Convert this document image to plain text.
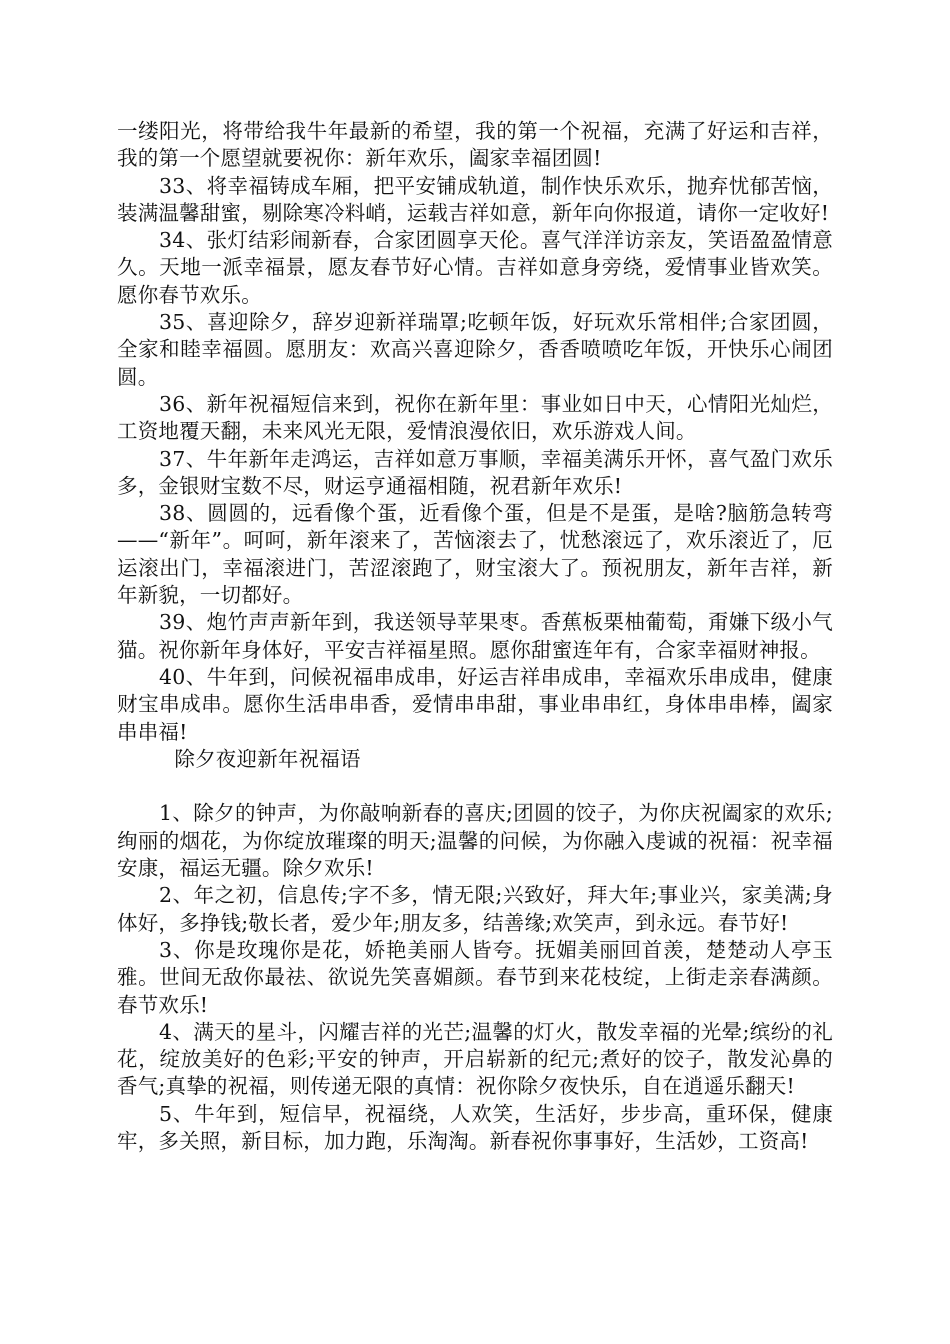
一缕阳光，将带给我牛年最新的希望，我的第一个祝福，充满了好运和吉祥，我的第一个愿望就要祝你：新年欢乐，阖家幸福团圆!

33、将幸福铸成车厢，把平安铺成轨道，制作快乐欢乐，抛弃忧郁苦恼，装满温馨甜蜜，剔除寒冷料峭，运载吉祥如意，新年向你报道，请你一定收好!

34、张灯结彩闹新春，合家团圆享天伦。喜气洋洋访亲友，笑语盈盈情意久。天地一派幸福景，愿友春节好心情。吉祥如意身旁绕，爱情事业皆欢笑。愿你春节欢乐。

35、喜迎除夕，辞岁迎新祥瑞罩;吃顿年饭，好玩欢乐常相伴;合家团圆，全家和睦幸福圆。愿朋友：欢高兴喜迎除夕，香香喷喷吃年饭，开快乐心闹团圆。

36、新年祝福短信来到，祝你在新年里：事业如日中天，心情阳光灿烂，工资地覆天翻，未来风光无限，爱情浪漫依旧，欢乐游戏人间。

37、牛年新年走鸿运，吉祥如意万事顺，幸福美满乐开怀，喜气盈门欢乐多，金银财宝数不尽，财运亨通福相随，祝君新年欢乐!

38、圆圆的，远看像个蛋，近看像个蛋，但是不是蛋，是啥?脑筋急转弯——“新年”。呵呵，新年滚来了，苦恼滚去了，忧愁滚远了，欢乐滚近了，厄运滚出门，幸福滚进门，苦涩滚跑了，财宝滚大了。预祝朋友，新年吉祥，新年新貌，一切都好。

39、炮竹声声新年到，我送领导苹果枣。香蕉板栗柚葡萄，甭嫌下级小气猫。祝你新年身体好，平安吉祥福星照。愿你甜蜜连年有，合家幸福财神报。

40、牛年到，问候祝福串成串，好运吉祥串成串，幸福欢乐串成串，健康财宝串成串。愿你生活串串香，爱情串串甜，事业串串红，身体串串棒，阖家串串福!

除夕夜迎新年祝福语

1、除夕的钟声，为你敲响新春的喜庆;团圆的饺子，为你庆祝阖家的欢乐;绚丽的烟花，为你绽放璀璨的明天;温馨的问候，为你融入虔诚的祝福：祝幸福安康，福运无疆。除夕欢乐!

2、年之初，信息传;字不多，情无限;兴致好，拜大年;事业兴，家美满;身体好，多挣钱;敬长者，爱少年;朋友多，结善缘;欢笑声，到永远。春节好!

3、你是玫瑰你是花，娇艳美丽人皆夸。抚媚美丽回首羡，楚楚动人亭玉雅。世间无敌你最祛、欲说先笑喜媚颜。春节到来花枝绽，上街走亲春满颜。春节欢乐!

4、满天的星斗，闪耀吉祥的光芒;温馨的灯火，散发幸福的光晕;缤纷的礼花，绽放美好的色彩;平安的钟声，开启崭新的纪元;煮好的饺子，散发沁鼻的香气;真挚的祝福，则传递无限的真情：祝你除夕夜快乐，自在逍遥乐翻天!

5、牛年到，短信早，祝福绕，人欢笑，生活好，步步高，重环保，健康牢，多关照，新目标，加力跑，乐淘淘。新春祝你事事好，生活妙，工资高!
